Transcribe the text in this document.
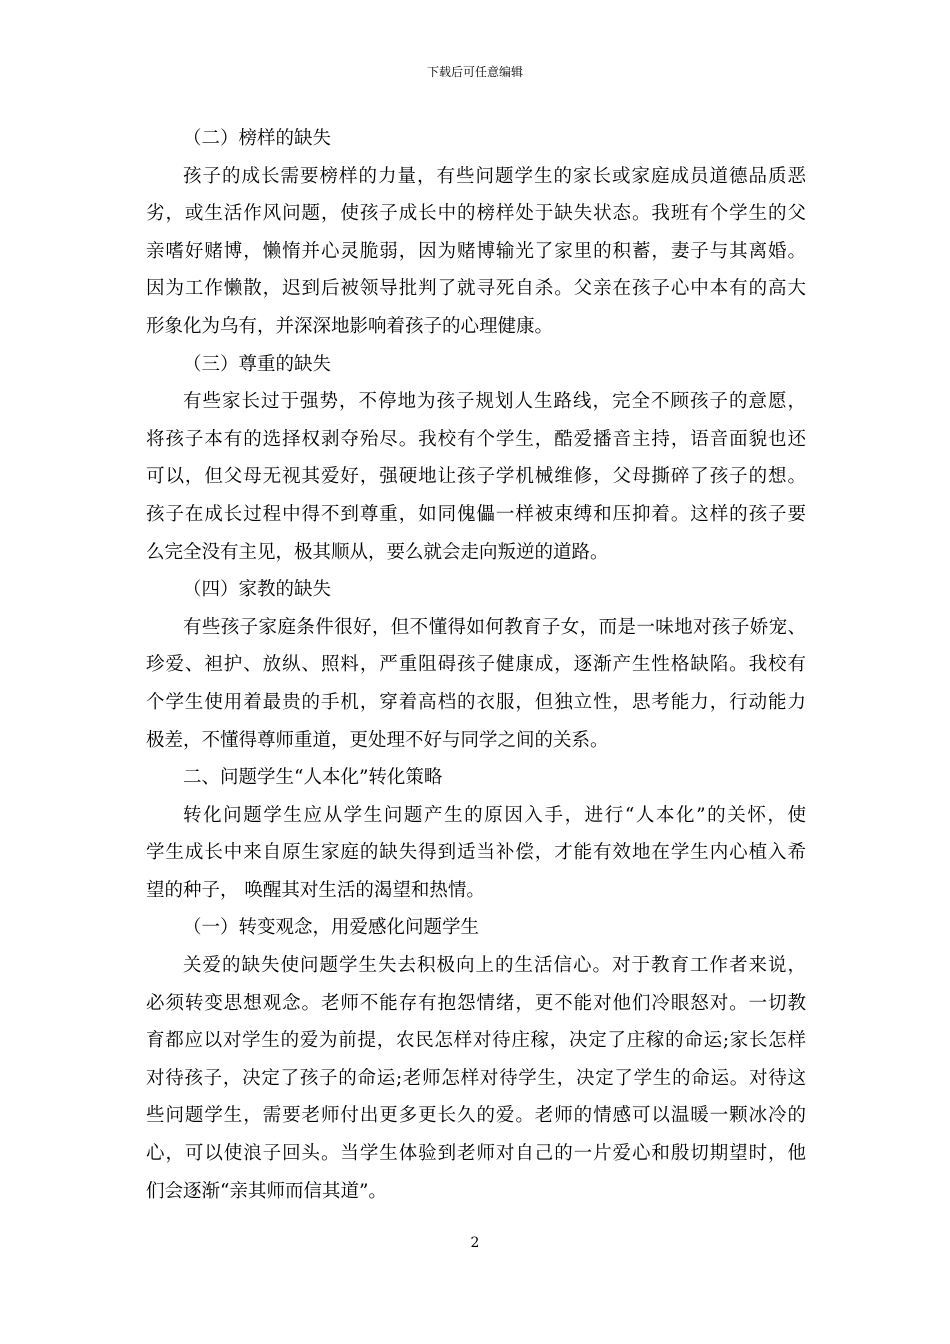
下载后可任意编辑
（二）榜样的缺失
孩子的成长需要榜样的力量，有些问题学生的家长或家庭成员道德品质恶
劣，或生活作风问题，使孩子成长中的榜样处于缺失状态。我班有个学生的父
亲嗜好赌博，懒惰并心灵脆弱，因为赌博输光了家里的积蓄，妻子与其离婚。
因为工作懒散，迟到后被领导批判了就寻死自杀。父亲在孩子心中本有的高大
形象化为乌有，并深深地影响着孩子的心理健康。
（三）尊重的缺失
有些家长过于强势，不停地为孩子规划人生路线，完全不顾孩子的意愿，
将孩子本有的选择权剥夺殆尽。我校有个学生，酷爱播音主持，语音面貌也还
可以，但父母无视其爱好，强硬地让孩子学机械维修，父母撕碎了孩子的想。
孩子在成长过程中得不到尊重，如同傀儡一样被束缚和压抑着。这样的孩子要
么完全没有主见，极其顺从，要么就会走向叛逆的道路。
（四）家教的缺失
有些孩子家庭条件很好，但不懂得如何教育子女，而是一味地对孩子娇宠、
珍爱、袒护、放纵、照料，严重阻碍孩子健康成，逐渐产生性格缺陷。我校有
个学生使用着最贵的手机，穿着高档的衣服，但独立性，思考能力，行动能力
极差，不懂得尊师重道，更处理不好与同学之间的关系。
二、问题学生“人本化”转化策略
转化问题学生应从学生问题产生的原因入手，进行“人本化”的关怀，使
学生成长中来自原生家庭的缺失得到适当补偿，才能有效地在学生内心植入希
望的种子， 唤醒其对生活的渴望和热情。
（一）转变观念，用爱感化问题学生
关爱的缺失使问题学生失去积极向上的生活信心。对于教育工作者来说，
必须转变思想观念。老师不能存有抱怨情绪，更不能对他们冷眼怒对。一切教
育都应以对学生的爱为前提，农民怎样对待庄稼，决定了庄稼的命运;家长怎样
对待孩子，决定了孩子的命运;老师怎样对待学生，决定了学生的命运。对待这
些问题学生，需要老师付出更多更长久的爱。老师的情感可以温暖一颗冰冷的
心，可以使浪子回头。当学生体验到老师对自己的一片爱心和殷切期望时，他
们会逐渐“亲其师而信其道”。
2
